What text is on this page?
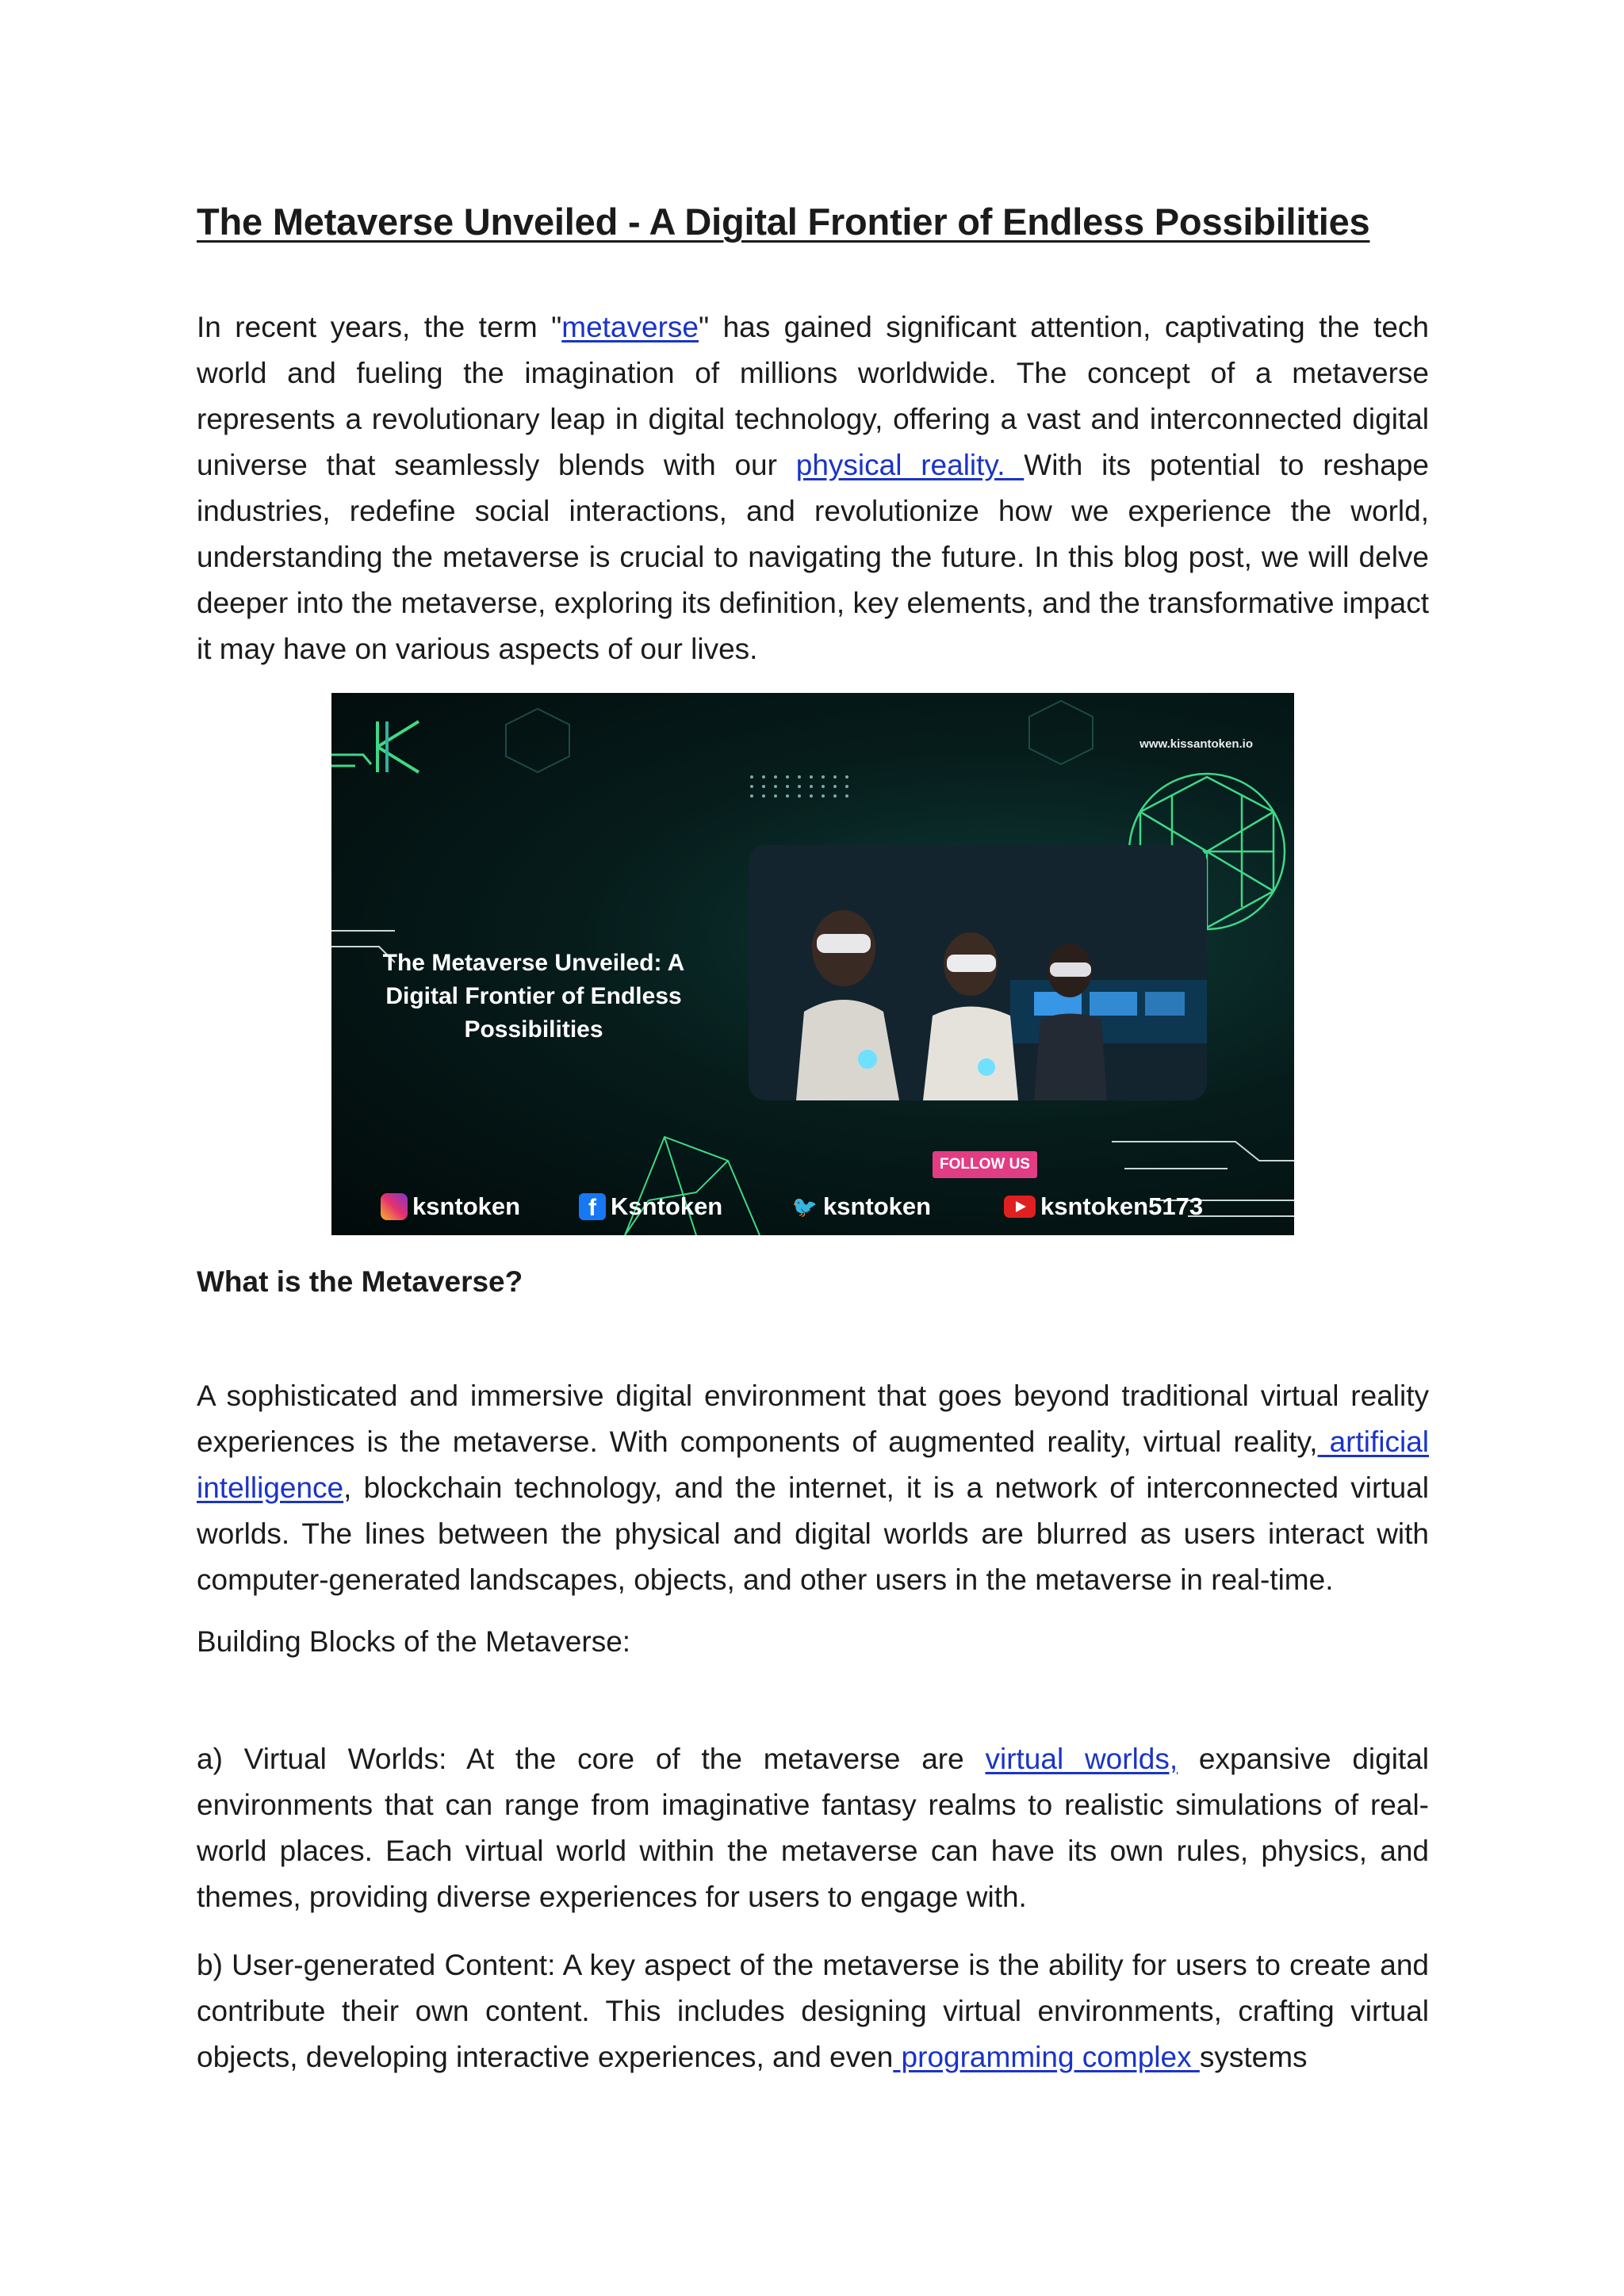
The Metaverse Unveiled - A Digital Frontier of Endless Possibilities

In recent years, the term "metaverse" has gained significant attention, captivating the tech world and fueling the imagination of millions worldwide. The concept of a metaverse represents a revolutionary leap in digital technology, offering a vast and interconnected digital universe that seamlessly blends with our physical reality. With its potential to reshape industries, redefine social interactions, and revolutionize how we experience the world, understanding the metaverse is crucial to navigating the future. In this blog post, we will delve deeper into the metaverse, exploring its definition, key elements, and the transformative impact it may have on various aspects of our lives.

www.kissantoken.io
The Metaverse Unveiled: A Digital Frontier of Endless Possibilities
FOLLOW US
ksntoken	f Ksntoken	🐦 ksntoken	ksntoken5173
What is the Metaverse?

A sophisticated and immersive digital environment that goes beyond traditional virtual reality experiences is the metaverse. With components of augmented reality, virtual reality, artificial intelligence, blockchain technology, and the internet, it is a network of interconnected virtual worlds. The lines between the physical and digital worlds are blurred as users interact with computer-generated landscapes, objects, and other users in the metaverse in real-time.

Building Blocks of the Metaverse:

a) Virtual Worlds: At the core of the metaverse are virtual worlds, expansive digital environments that can range from imaginative fantasy realms to realistic simulations of real-world places. Each virtual world within the metaverse can have its own rules, physics, and themes, providing diverse experiences for users to engage with.

b) User-generated Content: A key aspect of the metaverse is the ability for users to create and contribute their own content. This includes designing virtual environments, crafting virtual objects, developing interactive experiences, and even programming complex systems
